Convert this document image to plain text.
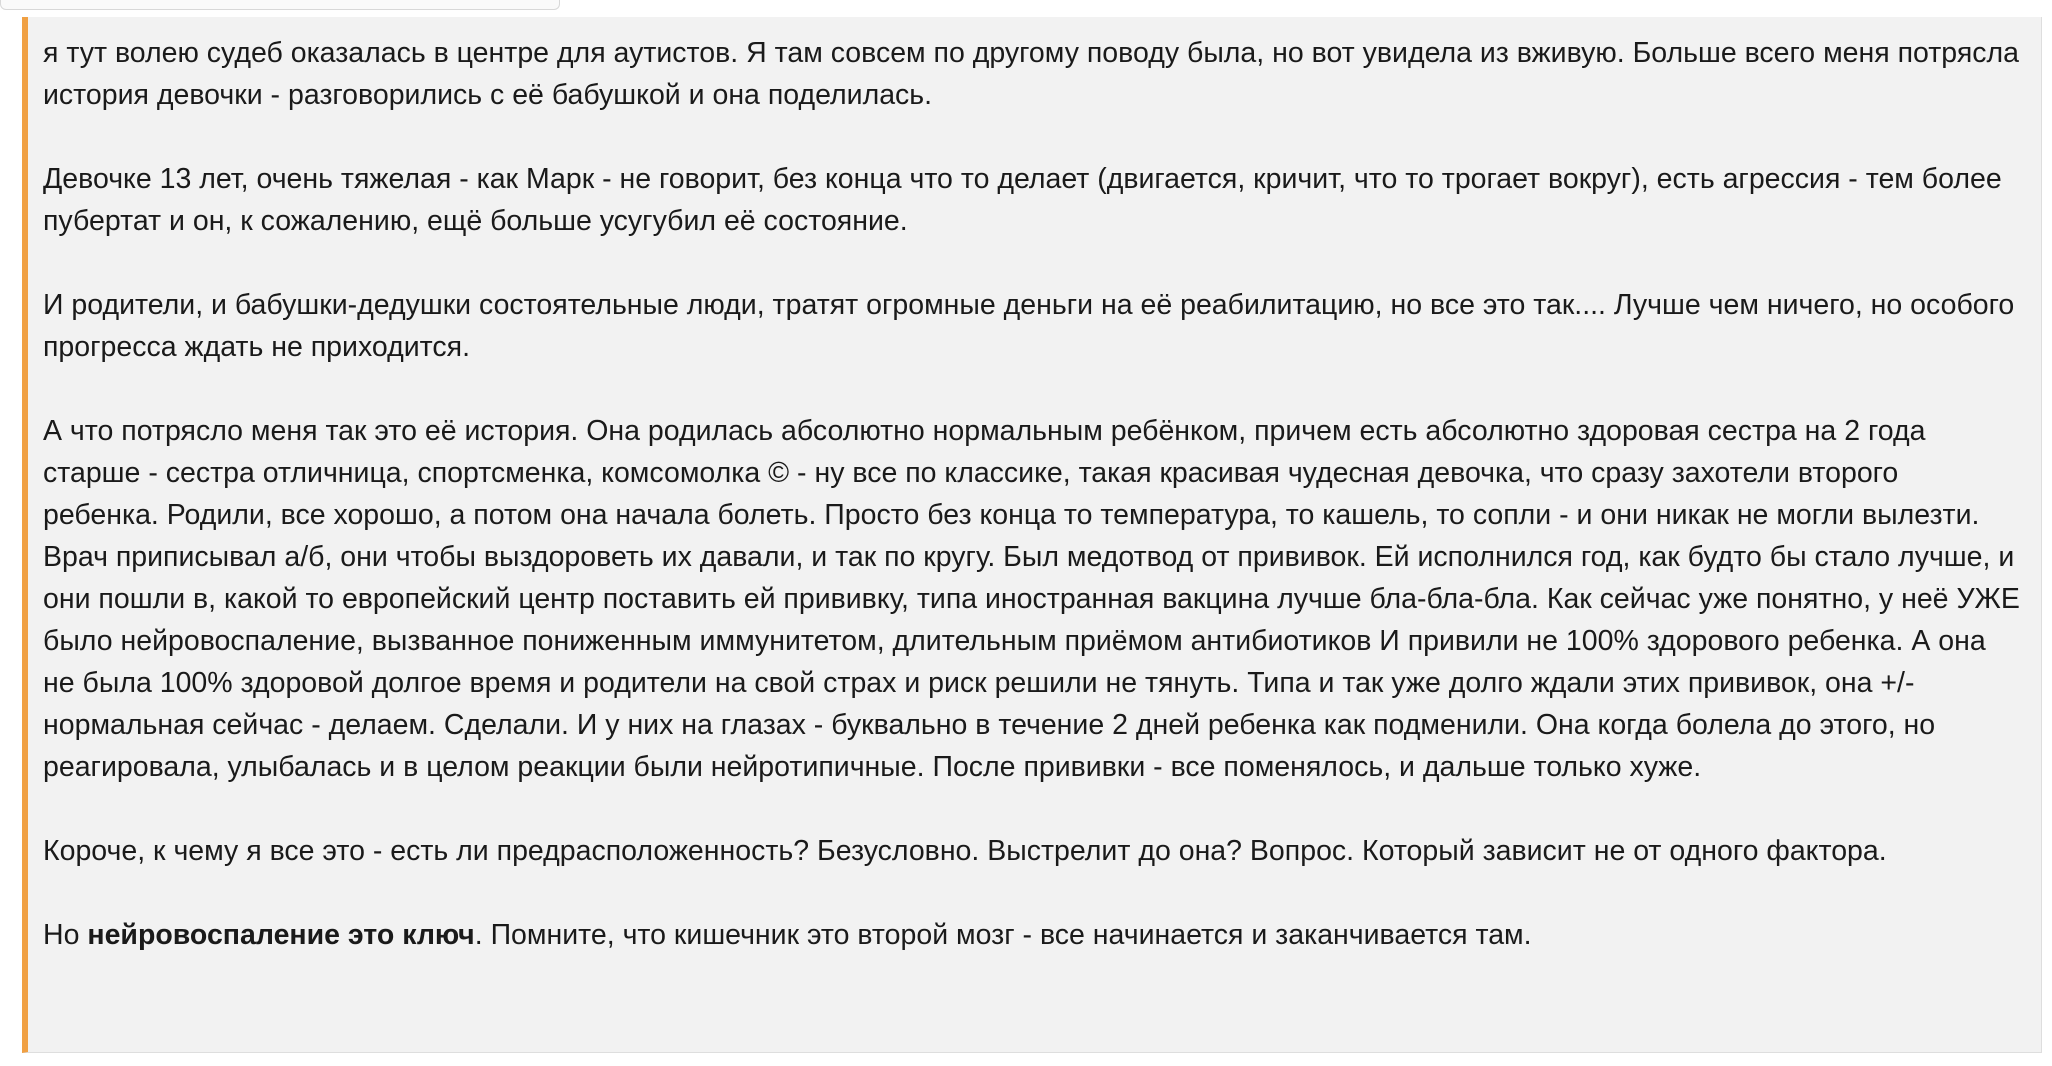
я тут волею судеб оказалась в центре для аутистов. Я там совсем по другому поводу была, но вот увидела из вживую. Больше всего меня потрясла история девочки - разговорились с её бабушкой и она поделилась.

Девочке 13 лет, очень тяжелая - как Марк - не говорит, без конца что то делает (двигается, кричит, что то трогает вокруг), есть агрессия - тем более пубертат и он, к сожалению, ещё больше усугубил её состояние.

И родители, и бабушки-дедушки состоятельные люди, тратят огромные деньги на её реабилитацию, но все это так.... Лучше чем ничего, но особого прогресса ждать не приходится.

А что потрясло меня так это её история. Она родилась абсолютно нормальным ребёнком, причем есть абсолютно здоровая сестра на 2 года старше - сестра отличница, спортсменка, комсомолка © - ну все по классике, такая красивая чудесная девочка, что сразу захотели второго ребенка. Родили, все хорошо, а потом она начала болеть. Просто без конца то температура, то кашель, то сопли - и они никак не могли вылезти. Врач приписывал а/б, они чтобы выздороветь их давали, и так по кругу. Был медотвод от прививок. Ей исполнился год, как будто бы стало лучше, и они пошли в, какой то европейский центр поставить ей прививку, типа иностранная вакцина лучше бла-бла-бла. Как сейчас уже понятно, у неё УЖЕ было нейровоспаление, вызванное пониженным иммунитетом, длительным приёмом антибиотиков И привили не 100% здорового ребенка. А она не была 100% здоровой долгое время и родители на свой страх и риск решили не тянуть. Типа и так уже долго ждали этих прививок, она +/- нормальная сейчас - делаем. Сделали. И у них на глазах - буквально в течение 2 дней ребенка как подменили. Она когда болела до этого, но реагировала, улыбалась и в целом реакции были нейротипичные. После прививки - все поменялось, и дальше только хуже.

Короче, к чему я все это - есть ли предрасположенность? Безусловно. Выстрелит до она? Вопрос. Который зависит не от одного фактора.

Но нейровоспаление это ключ. Помните, что кишечник это второй мозг - все начинается и заканчивается там.
